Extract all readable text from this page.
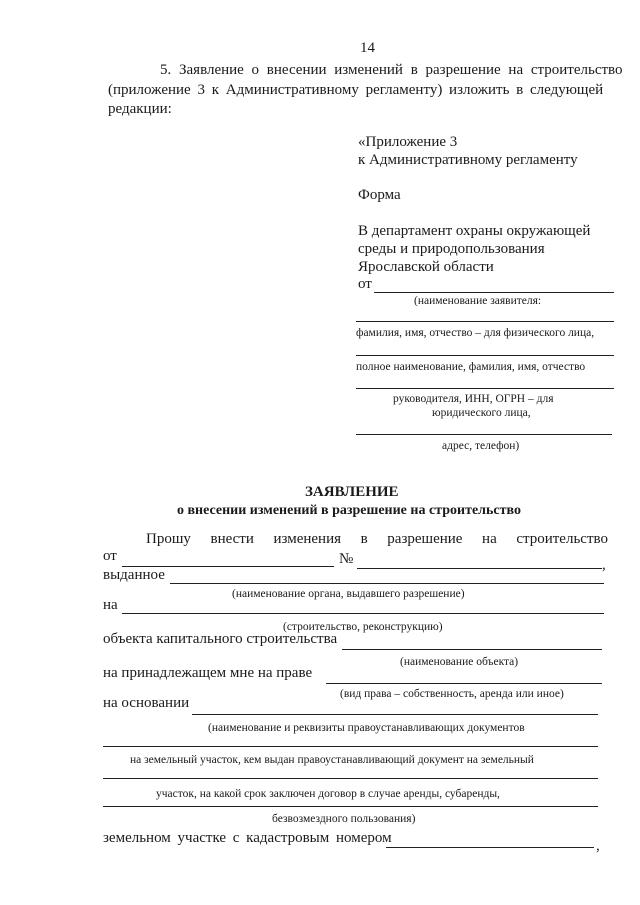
14
5. Заявление о внесении изменений в разрешение на строительство
(приложение 3 к Административному регламенту) изложить в следующей
редакции:
«Приложение 3
к Административному регламенту
Форма
В департамент охраны окружающей
среды и природопользования
Ярославской области
от
(наименование заявителя:
фамилия, имя, отчество – для физического лица,
полное наименование, фамилия, имя, отчество
руководителя, ИНН, ОГРН – для
юридического лица,
адрес, телефон)
ЗАЯВЛЕНИЕ
о внесении изменений в разрешение на строительство
Прошу внести изменения в разрешение на строительство
от	№	,
выданное
(наименование органа, выдавшего разрешение)
на
(строительство, реконструкцию)
объекта капитального строительства
(наименование объекта)
на принадлежащем мне на праве
(вид права – собственность, аренда или иное)
на основании
(наименование и реквизиты правоустанавливающих документов
на земельный участок, кем выдан правоустанавливающий документ на земельный
участок, на какой срок заключен договор в случае аренды, субаренды,
безвозмездного пользования)
земельном участке с кадастровым номером	,
